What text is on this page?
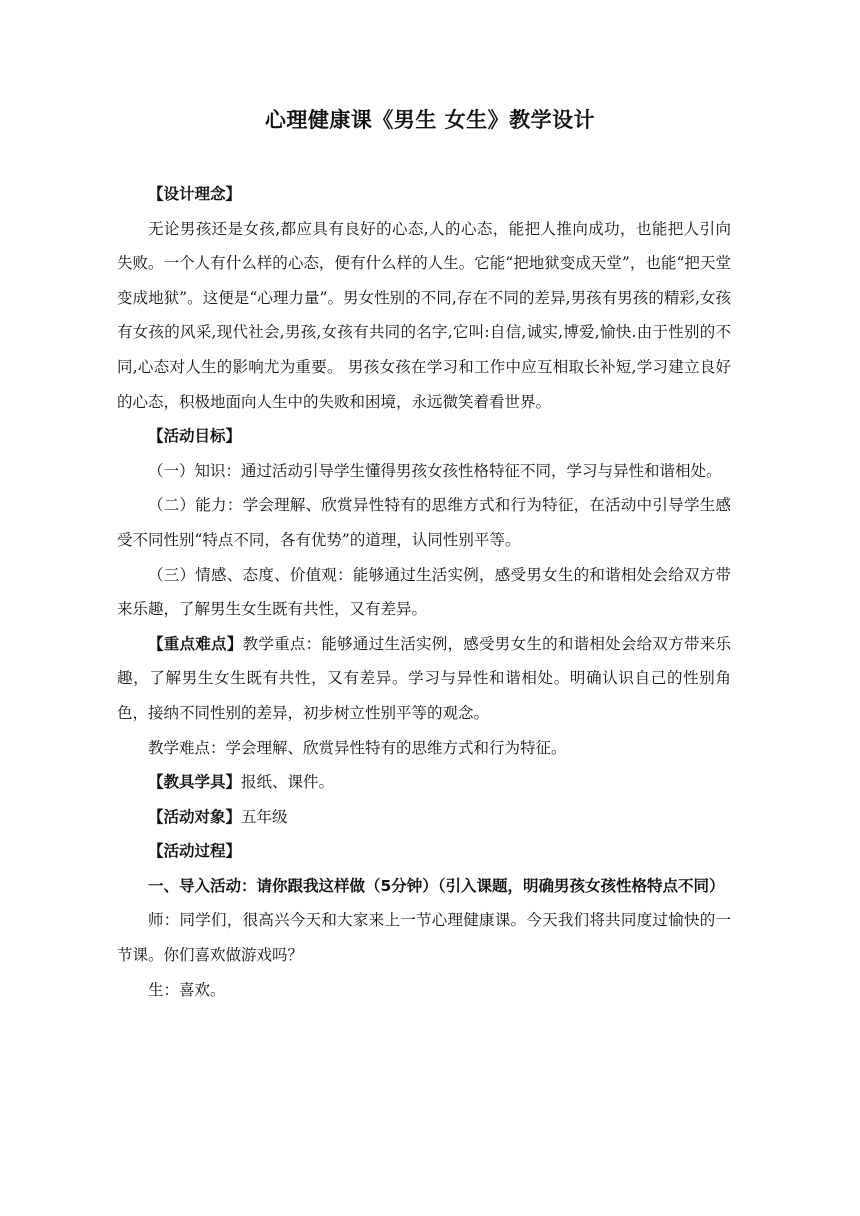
心理健康课《男生 女生》教学设计

【设计理念】

无论男孩还是女孩,都应具有良好的心态,人的心态，能把人推向成功，也能把人引向失败。一个人有什么样的心态，便有什么样的人生。它能“把地狱变成天堂”，也能“把天堂变成地狱”。这便是“心理力量”。男女性别的不同,存在不同的差异,男孩有男孩的精彩,女孩有女孩的风采,现代社会,男孩,女孩有共同的名字,它叫:自信,诚实,博爱,愉快.由于性别的不同,心态对人生的影响尤为重要。 男孩女孩在学习和工作中应互相取长补短,学习建立良好的心态，积极地面向人生中的失败和困境，永远微笑着看世界。

【活动目标】

（一）知识：通过活动引导学生懂得男孩女孩性格特征不同，学习与异性和谐相处。

（二）能力：学会理解、欣赏异性特有的思维方式和行为特征，在活动中引导学生感受不同性别“特点不同，各有优势”的道理，认同性别平等。

（三）情感、态度、价值观：能够通过生活实例，感受男女生的和谐相处会给双方带来乐趣，了解男生女生既有共性，又有差异。

【重点难点】教学重点：能够通过生活实例，感受男女生的和谐相处会给双方带来乐趣，了解男生女生既有共性，又有差异。学习与异性和谐相处。明确认识自己的性别角色，接纳不同性别的差异，初步树立性别平等的观念。

教学难点：学会理解、欣赏异性特有的思维方式和行为特征。

【教具学具】报纸、课件。

【活动对象】五年级

【活动过程】

一、导入活动：请你跟我这样做（5分钟）（引入课题，明确男孩女孩性格特点不同）

师：同学们，很高兴今天和大家来上一节心理健康课。今天我们将共同度过愉快的一节课。你们喜欢做游戏吗？

生：喜欢。
